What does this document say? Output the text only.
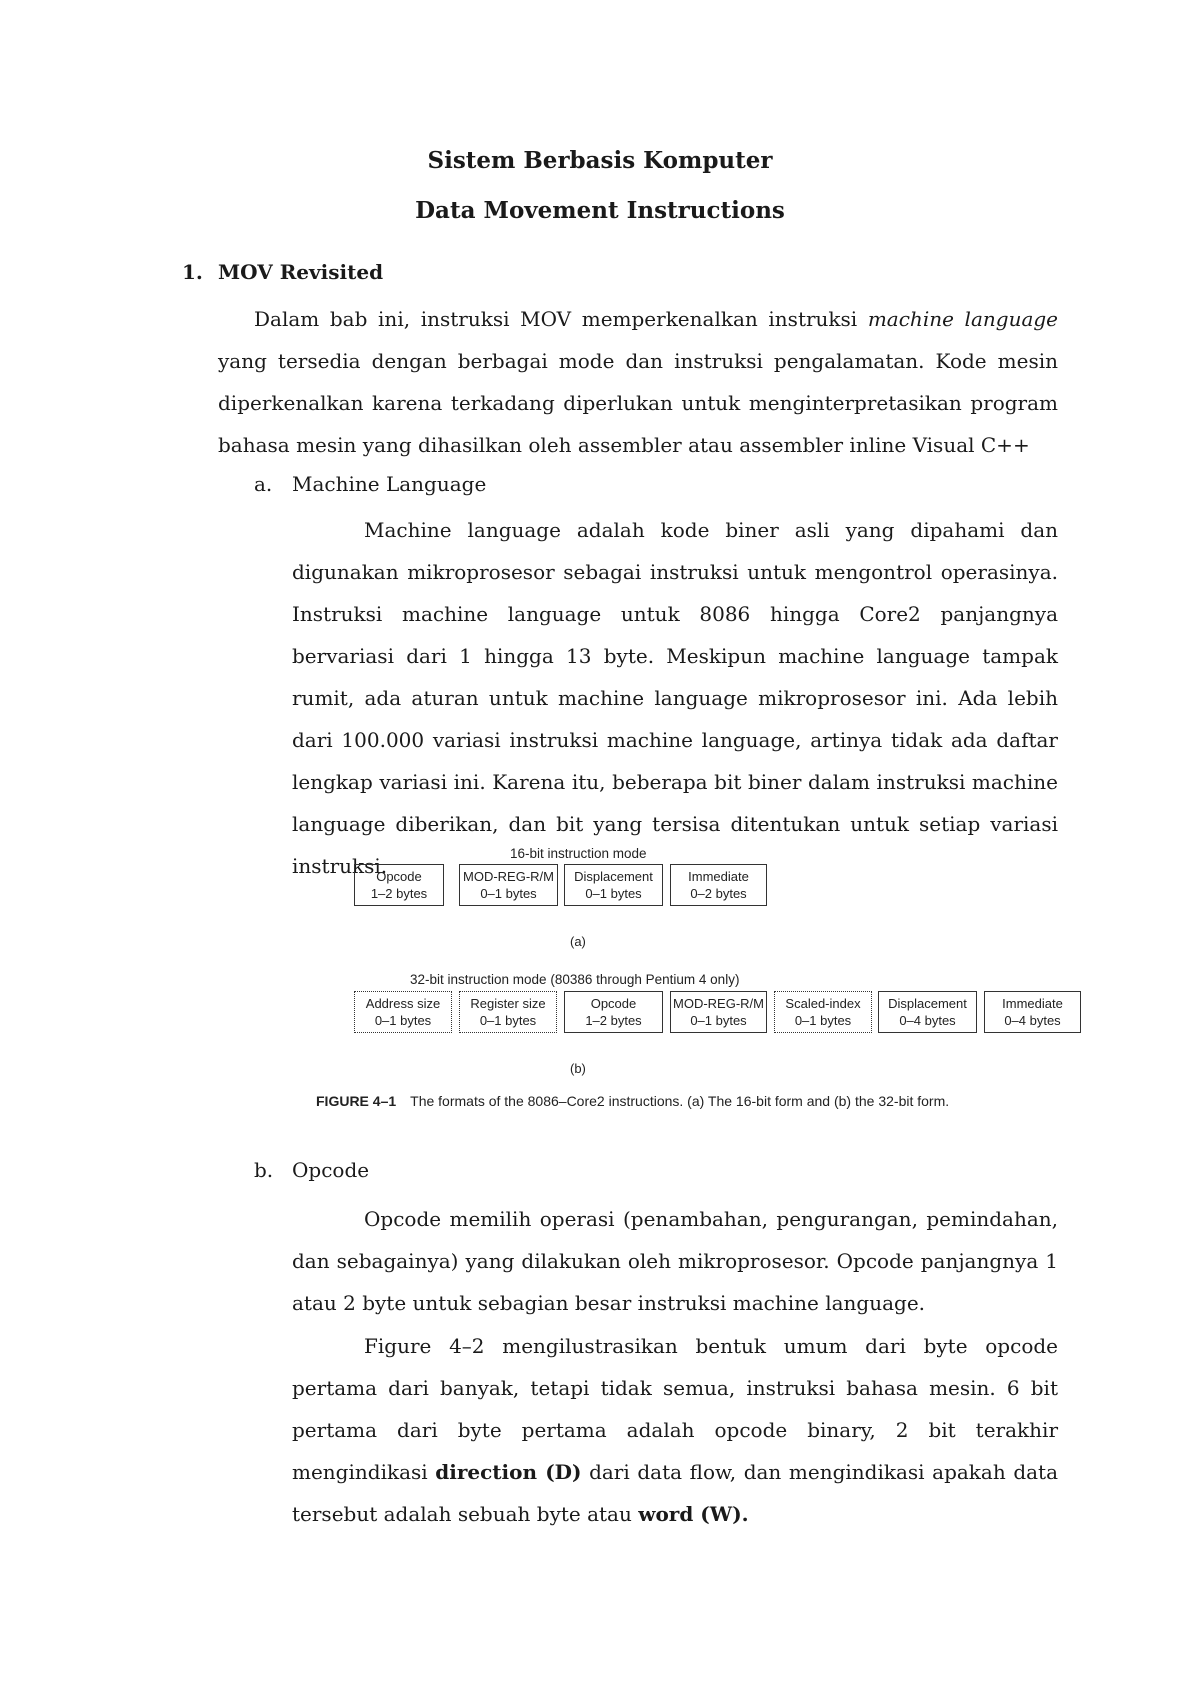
Sistem Berbasis Komputer
Data Movement Instructions
1. MOV Revisited
Dalam bab ini, instruksi MOV memperkenalkan instruksi machine language yang tersedia dengan berbagai mode dan instruksi pengalamatan. Kode mesin diperkenalkan karena terkadang diperlukan untuk menginterpretasikan program bahasa mesin yang dihasilkan oleh assembler atau assembler inline Visual C++
a. Machine Language
Machine language adalah kode biner asli yang dipahami dan digunakan mikroprosesor sebagai instruksi untuk mengontrol operasinya. Instruksi machine language untuk 8086 hingga Core2 panjangnya bervariasi dari 1 hingga 13 byte. Meskipun machine language tampak rumit, ada aturan untuk machine language mikroprosesor ini. Ada lebih dari 100.000 variasi instruksi machine language, artinya tidak ada daftar lengkap variasi ini. Karena itu, beberapa bit biner dalam instruksi machine language diberikan, dan bit yang tersisa ditentukan untuk setiap variasi instruksi.
16-bit instruction mode
Opcode
1–2 bytes
MOD-REG-R/M
0–1 bytes
Displacement
0–1 bytes
Immediate
0–2 bytes
(a)
32-bit instruction mode (80386 through Pentium 4 only)
Address size
0–1 bytes
Register size
0–1 bytes
Opcode
1–2 bytes
MOD-REG-R/M
0–1 bytes
Scaled-index
0–1 bytes
Displacement
0–4 bytes
Immediate
0–4 bytes
(b)
FIGURE 4–1 The formats of the 8086–Core2 instructions. (a) The 16-bit form and (b) the 32-bit form.
b. Opcode
Opcode memilih operasi (penambahan, pengurangan, pemindahan, dan sebagainya) yang dilakukan oleh mikroprosesor. Opcode panjangnya 1 atau 2 byte untuk sebagian besar instruksi machine language.
Figure 4–2 mengilustrasikan bentuk umum dari byte opcode pertama dari banyak, tetapi tidak semua, instruksi bahasa mesin. 6 bit pertama dari byte pertama adalah opcode binary, 2 bit terakhir mengindikasi direction (D) dari data flow, dan mengindikasi apakah data tersebut adalah sebuah byte atau word (W).
